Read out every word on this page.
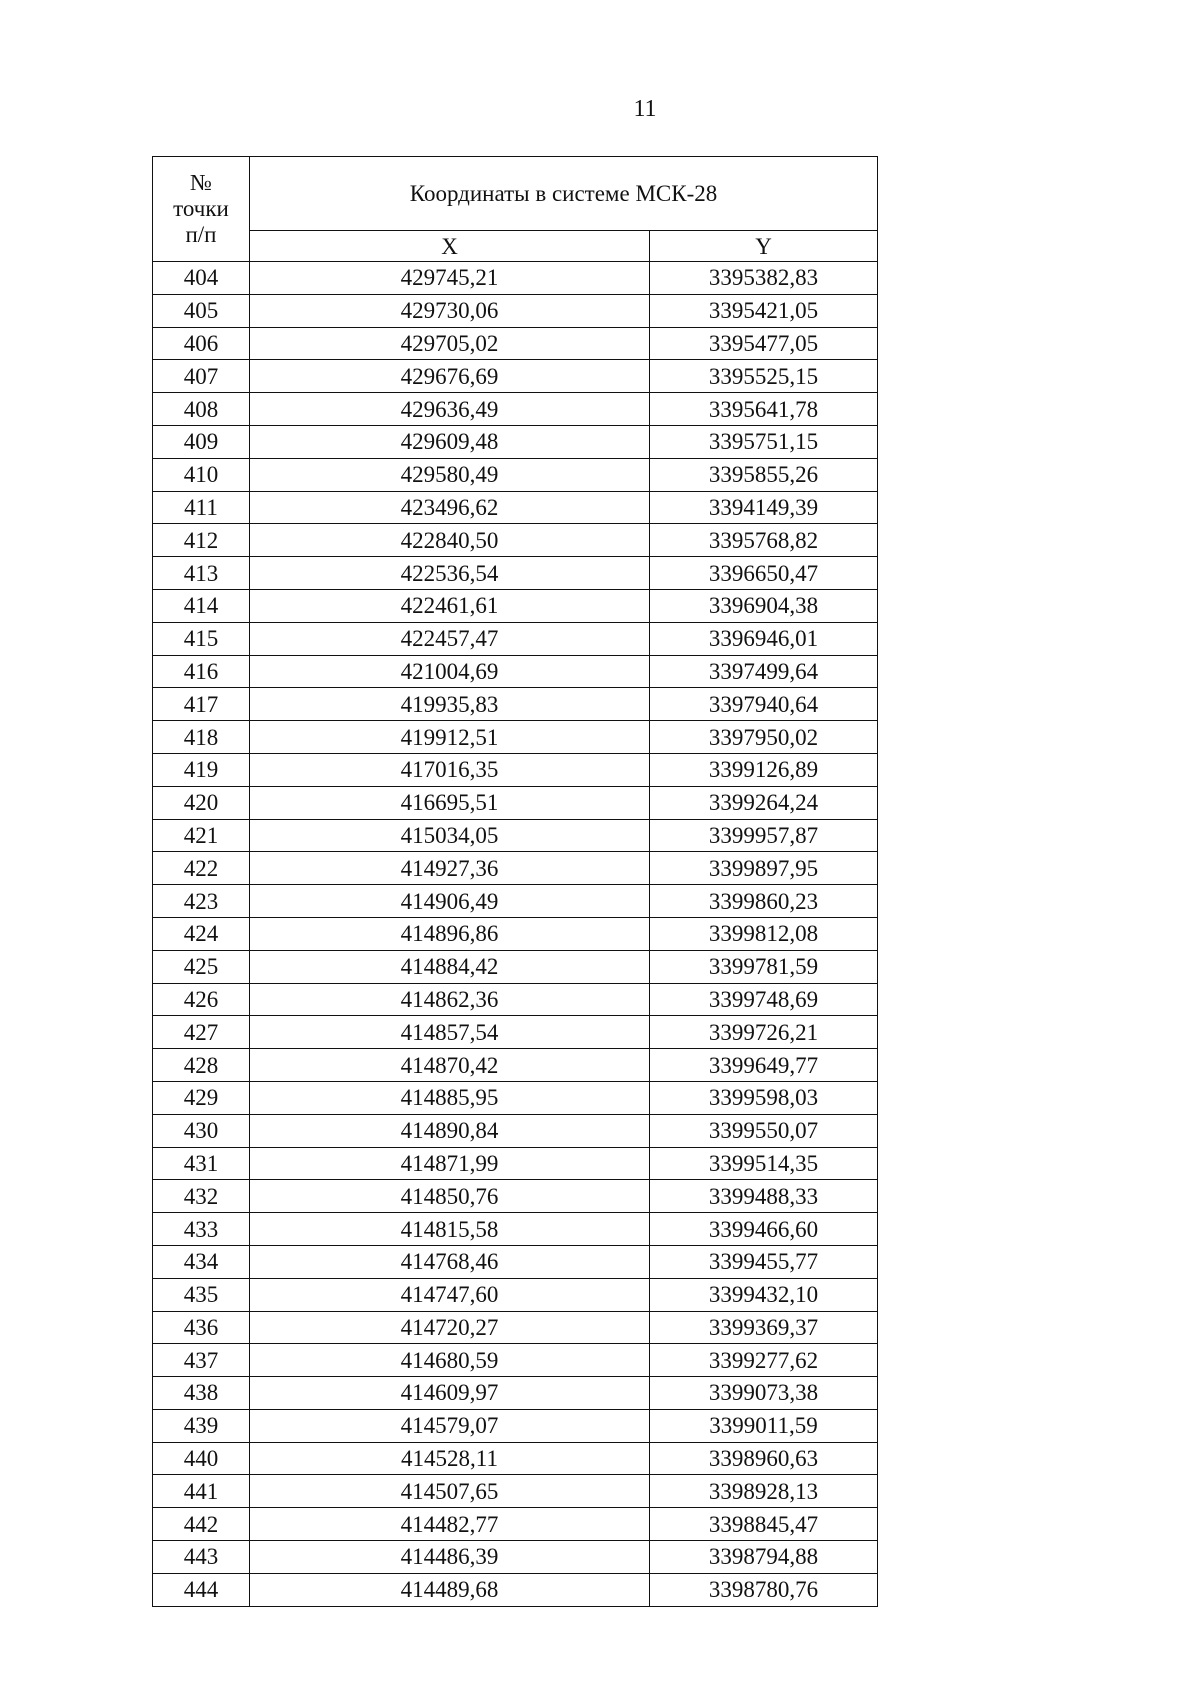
11
№
точки
п/п	Координаты в системе МСК-28	
	X	Y
404	429745,21	3395382,83
405	429730,06	3395421,05
406	429705,02	3395477,05
407	429676,69	3395525,15
408	429636,49	3395641,78
409	429609,48	3395751,15
410	429580,49	3395855,26
411	423496,62	3394149,39
412	422840,50	3395768,82
413	422536,54	3396650,47
414	422461,61	3396904,38
415	422457,47	3396946,01
416	421004,69	3397499,64
417	419935,83	3397940,64
418	419912,51	3397950,02
419	417016,35	3399126,89
420	416695,51	3399264,24
421	415034,05	3399957,87
422	414927,36	3399897,95
423	414906,49	3399860,23
424	414896,86	3399812,08
425	414884,42	3399781,59
426	414862,36	3399748,69
427	414857,54	3399726,21
428	414870,42	3399649,77
429	414885,95	3399598,03
430	414890,84	3399550,07
431	414871,99	3399514,35
432	414850,76	3399488,33
433	414815,58	3399466,60
434	414768,46	3399455,77
435	414747,60	3399432,10
436	414720,27	3399369,37
437	414680,59	3399277,62
438	414609,97	3399073,38
439	414579,07	3399011,59
440	414528,11	3398960,63
441	414507,65	3398928,13
442	414482,77	3398845,47
443	414486,39	3398794,88
444	414489,68	3398780,76
